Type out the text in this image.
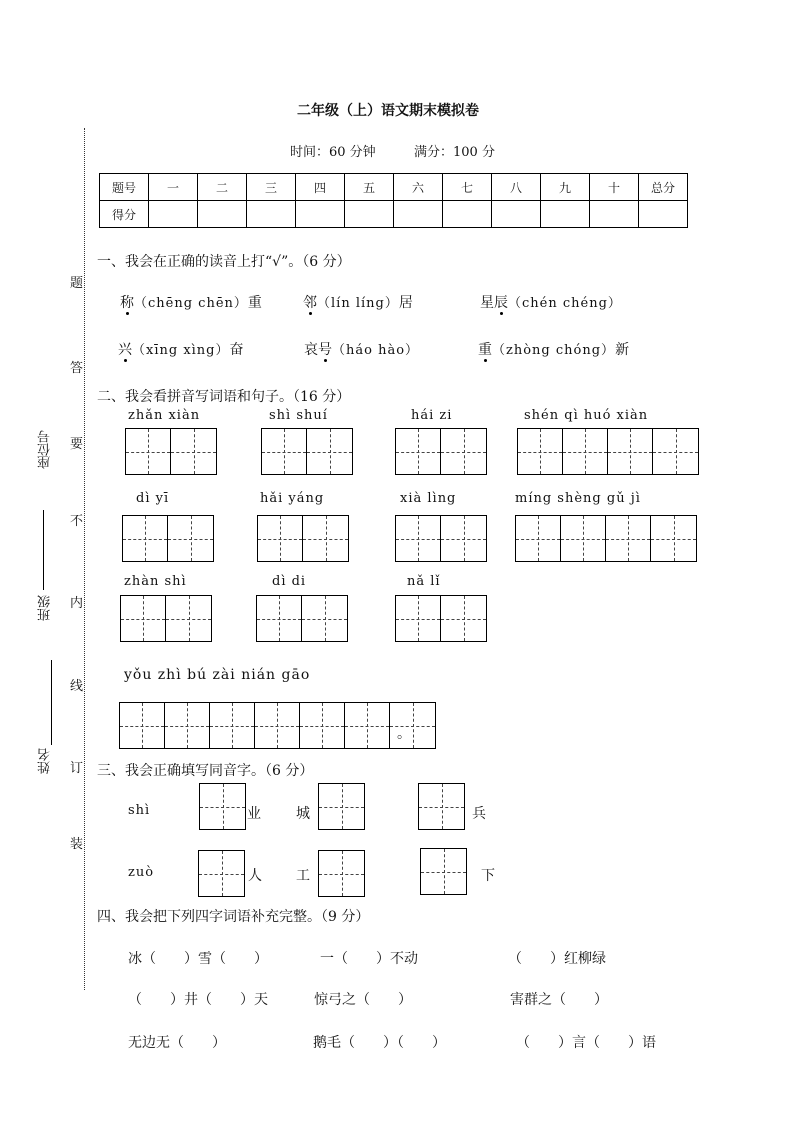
二年级（上）语文期末模拟卷
时间：60 分钟	满分：100 分
题号	一	二	三	四	五	六	七	八	九	十	总分
得分											
题
答
要
不
内
线
订
装
座位号
班级
姓名
一、我会在正确的读音上打“√”。（6 分）
称（chēng chēn）重	邻（lín líng）居	星辰（chén chéng）
兴（xīng xìng）奋	哀号（háo hào）	重（zhòng chóng）新
二、我会看拼音写词语和句子。（16 分）
zhǎn xiàn	shì shuí	hái zi	shén qì huó xiàn
dì yī	hǎi yáng	xià lìng	míng shèng gǔ jì
zhàn shì	dì di	nǎ lǐ
yǒu zhì bú zài nián gāo
。
三、我会正确填写同音字。（6 分）
shì	业	城	兵
zuò	人 工	下
四、我会把下列四字词语补充完整。（9 分）
冰（　　）雪（　　）	一（　　）不动	（　　）红柳绿
（　　）井（　　）天	惊弓之（　　）	害群之（　　）
无边无（　　）	鹅毛（　　）（　　）	（　　）言（　　）语
